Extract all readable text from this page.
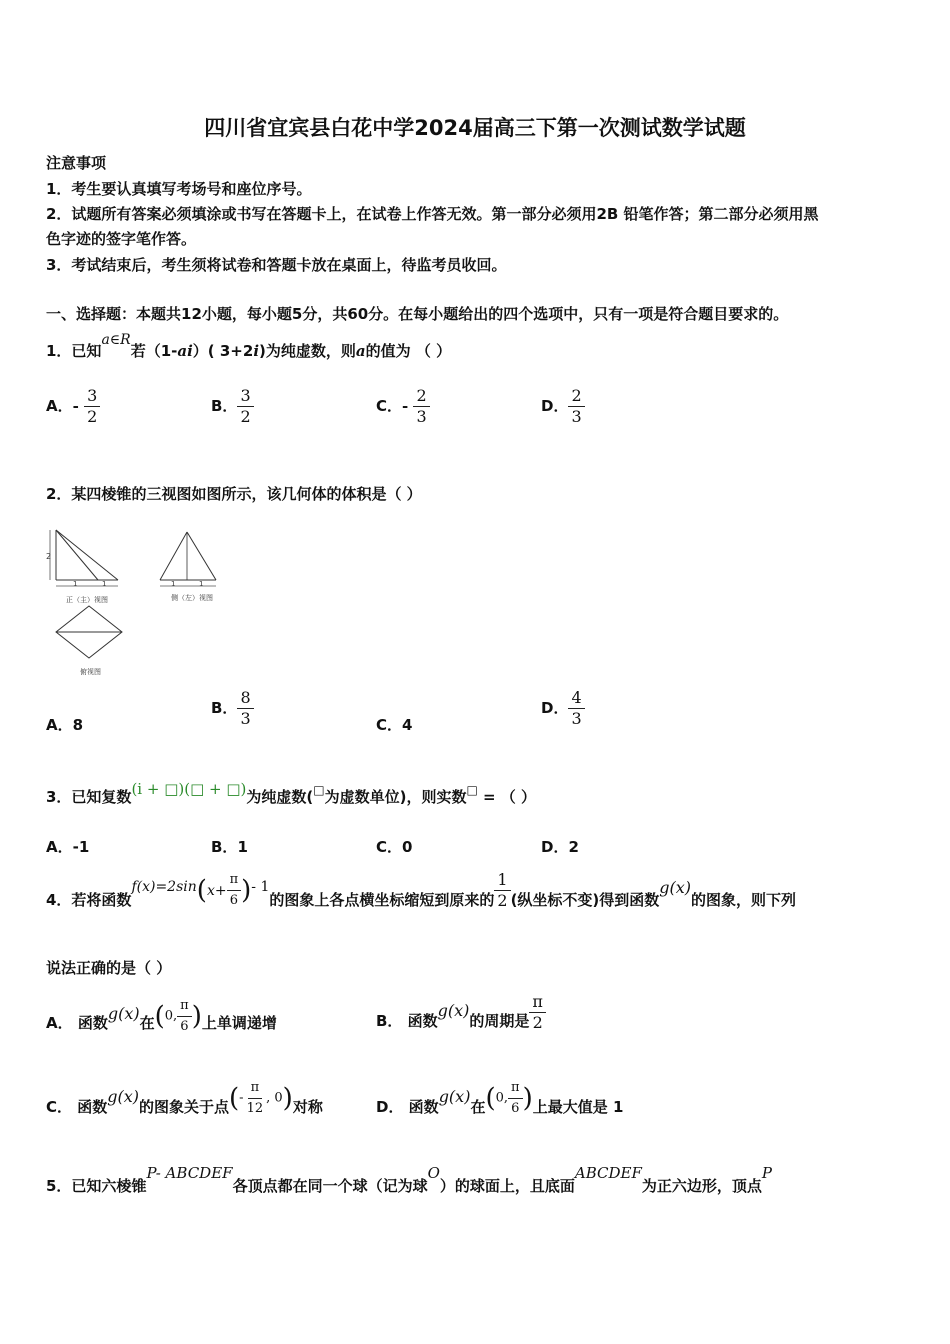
四川省宜宾县白花中学2024届高三下第一次测试数学试题
注意事项
1．考生要认真填写考场号和座位序号。
2．试题所有答案必须填涂或书写在答题卡上，在试卷上作答无效。第一部分必须用2B 铅笔作答；第二部分必须用黑
色字迹的签字笔作答。
3．考试结束后，考生须将试卷和答题卡放在桌面上，待监考员收回。
一、选择题：本题共12小题，每小题5分，共60分。在每小题给出的四个选项中，只有一项是符合题目要求的。
1．已知a∈R若（1-ai）( 3+2i)为纯虚数，则a的值为 （ ）
A．- $\frac{3}{2}$	B． $\frac{3}{2}$	C．- $\frac{2}{3}$	D． $\frac{2}{3}$
2．某四棱锥的三视图如图所示，该几何体的体积是（ ）
2
1	1
正（主）视图
1	1
侧（左）视图
俯视图
A．8
B． $\frac{8}{3}$	C．4
D． $\frac{4}{3}$
3．已知复数(i + □)(□ + □)为纯虚数(□为虚数单位)，则实数□ = （ ）
A．-1	B．1	C．0	D．2
4．若将函数$f(x)=2\sin(x+ \frac{\pi}{6}$ )- 1的图象上各点横坐标缩短到原来的 $\frac{1}{2}$ (纵坐标不变)得到函数g(x)的图象，则下列
说法正确的是（ ）
A． 函数g(x)在(0, $\frac{\pi}{6}$ )上单调递增	B． 函数g(x)的周期是 $\frac{\pi}{2}$
C． 函数g(x)的图象关于点(- $\frac{\pi}{12}$ , 0)对称	D． 函数g(x)在(0, $\frac{\pi}{6}$ )上最大值是 1
5．已知六棱锥P- ABCDEF各顶点都在同一个球（记为球O）的球面上，且底面ABCDEF为正六边形，顶点P
